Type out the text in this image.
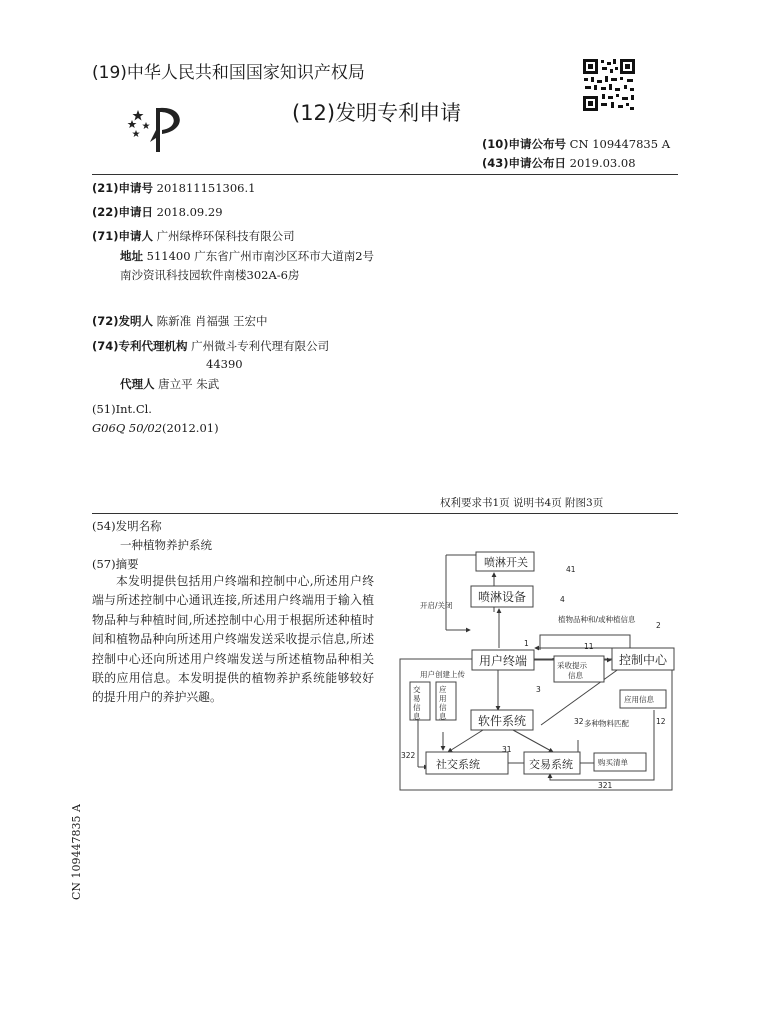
(19)中华人民共和国国家知识产权局
(12)发明专利申请
(10)申请公布号 CN 109447835 A
(43)申请公布日 2019.03.08
(21)申请号 201811151306.1
(22)申请日 2018.09.29
(71)申请人 广州绿桦环保科技有限公司
地址 511400 广东省广州市南沙区环市大道南2号南沙资讯科技园软件南楼302A-6房
(72)发明人 陈新准 肖福强 王宏中
(74)专利代理机构 广州微斗专利代理有限公司
44390
代理人 唐立平 朱武
(51)Int.Cl.
G06Q 50/02(2012.01)
权利要求书1页 说明书4页 附图3页
(54)发明名称
一种植物养护系统
(57)摘要
本发明提供包括用户终端和控制中心,所述用户终端与所述控制中心通讯连接,所述用户终端用于输入植物品种与种植时间,所述控制中心用于根据所述种植时间和植物品种向所述用户终端发送采收提示信息,所述控制中心还向所述用户终端发送与所述植物品种相关联的应用信息。本发明提供的植物养护系统能够较好的提升用户的养护兴趣。
CN 109447835 A
喷淋开关
喷淋设备
用户终端	控制中心
软件系统
社交系统	交易系统
采收提示 信息
应用信息
购买清单
开启/关闭
植物品种和/或种植信息
用户创建上传
多种物料匹配
41
4
1
2
11
3
12
32
31
322
321
交易信息
应用信息
